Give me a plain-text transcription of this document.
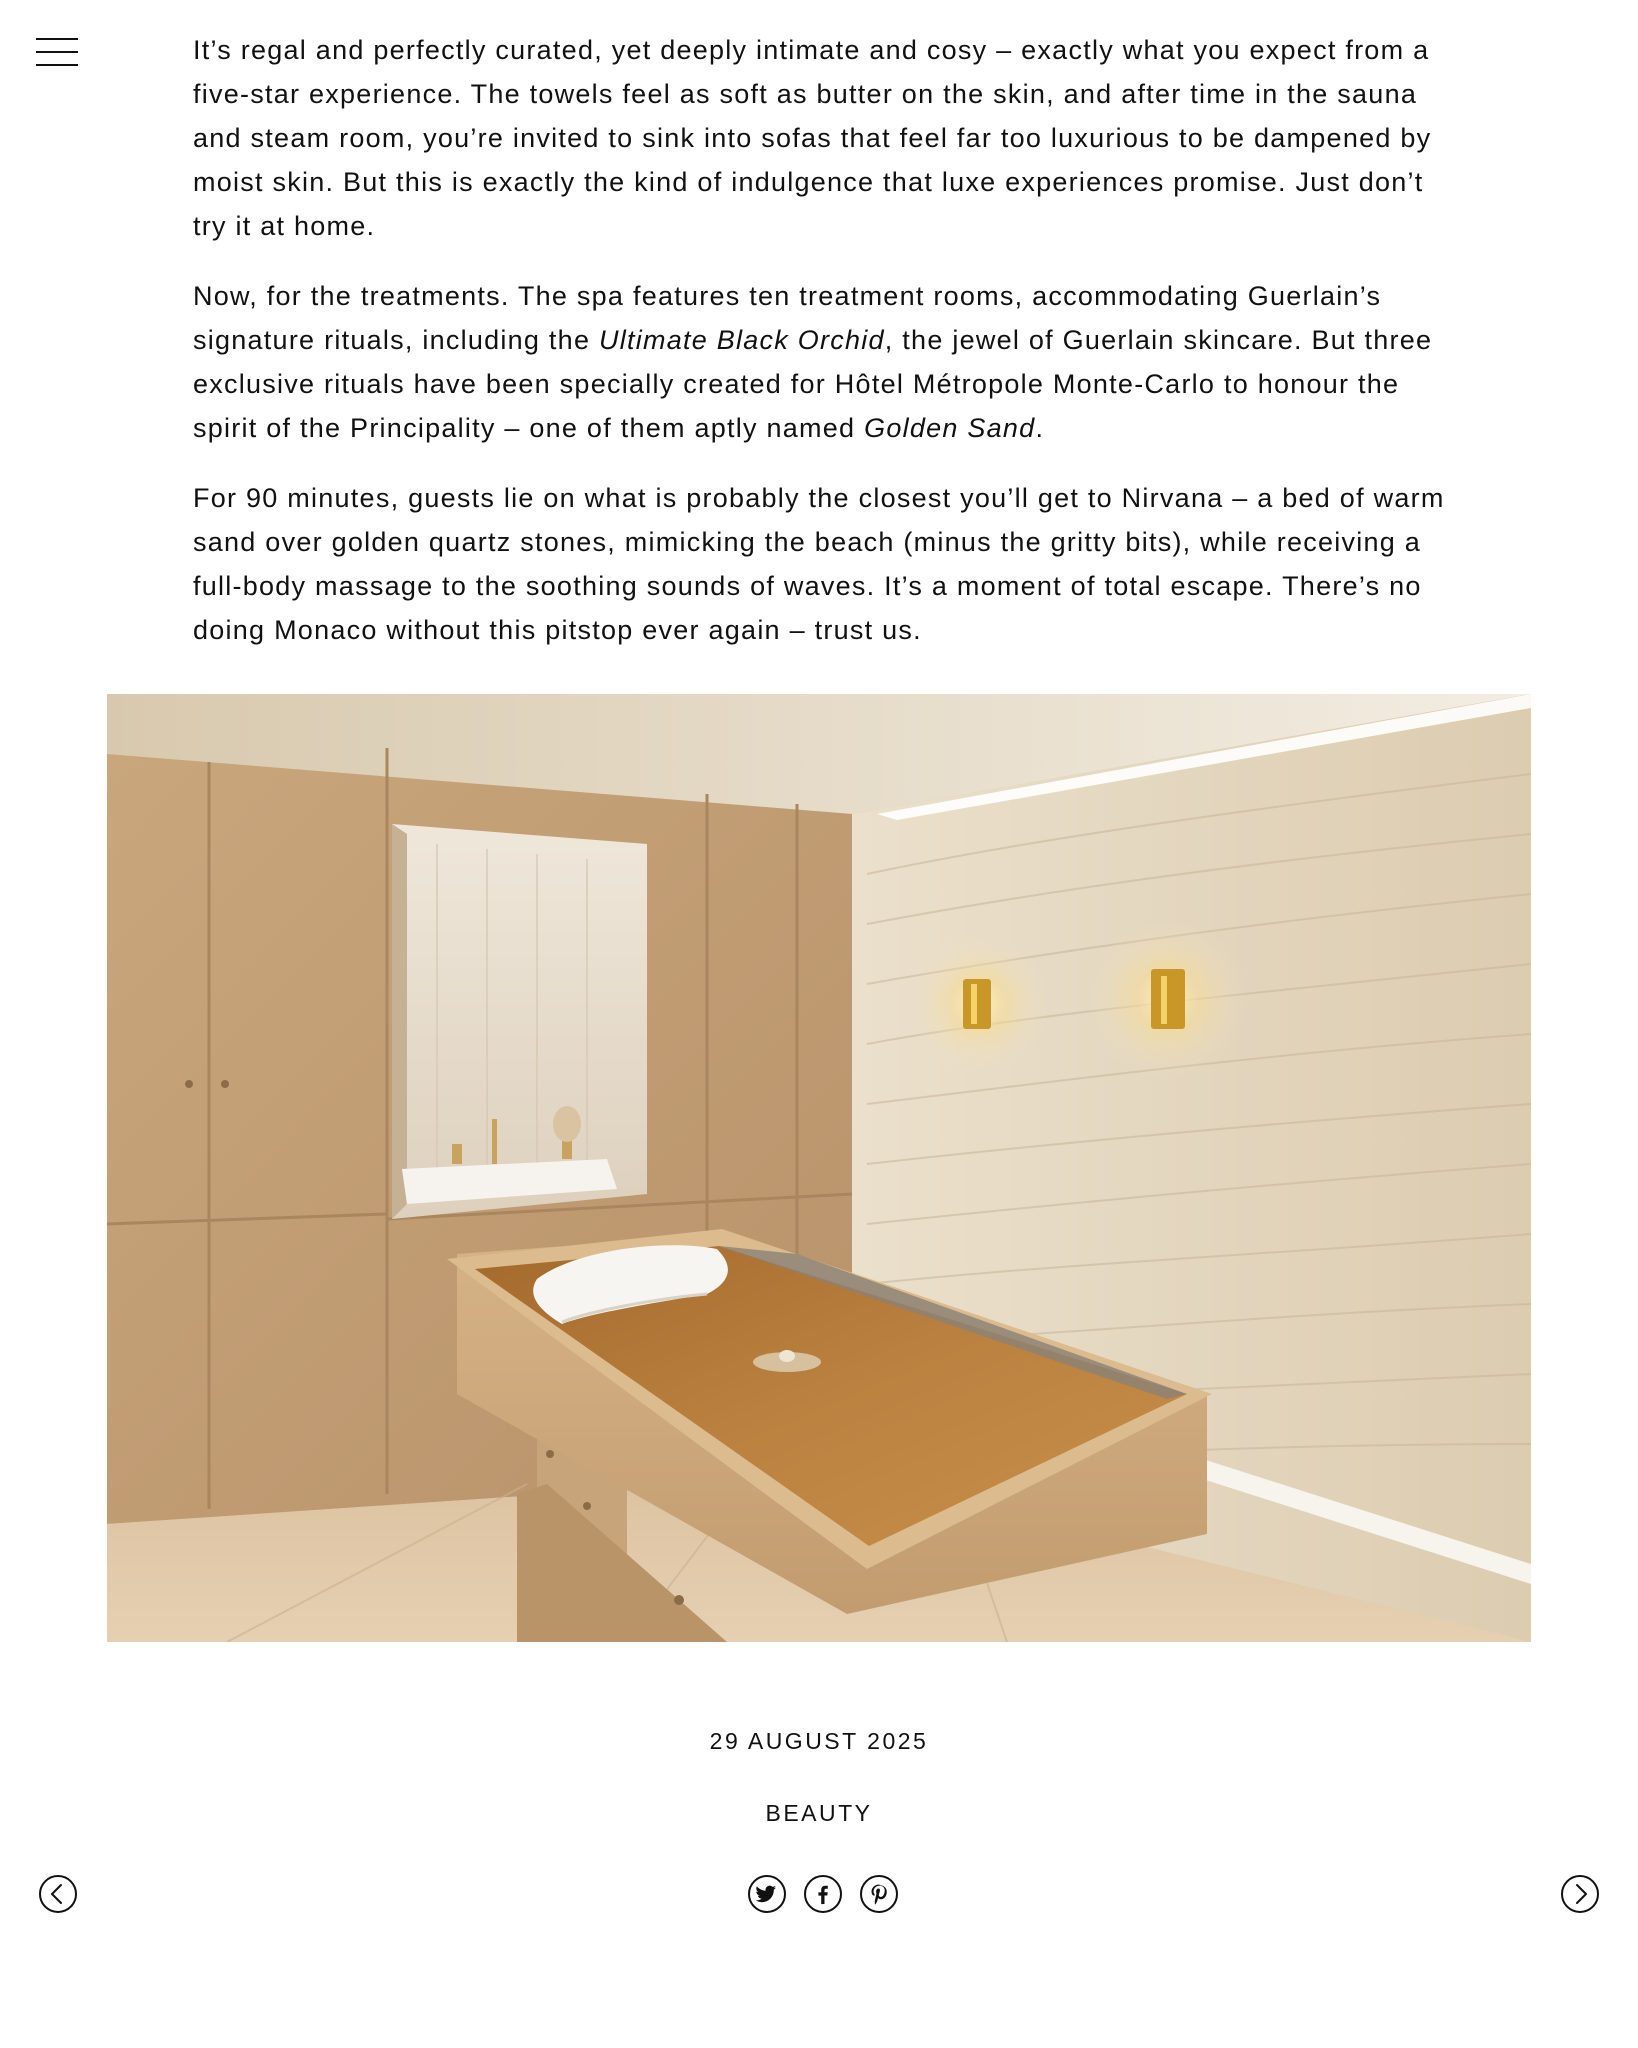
It’s regal and perfectly curated, yet deeply intimate and cosy – exactly what you expect from a five-star experience. The towels feel as soft as butter on the skin, and after time in the sauna and steam room, you’re invited to sink into sofas that feel far too luxurious to be dampened by moist skin. But this is exactly the kind of indulgence that luxe experiences promise. Just don’t try it at home.

Now, for the treatments. The spa features ten treatment rooms, accommodating Guerlain’s signature rituals, including the Ultimate Black Orchid, the jewel of Guerlain skincare. But three exclusive rituals have been specially created for Hôtel Métropole Monte-Carlo to honour the spirit of the Principality – one of them aptly named Golden Sand.

For 90 minutes, guests lie on what is probably the closest you’ll get to Nirvana – a bed of warm sand over golden quartz stones, mimicking the beach (minus the gritty bits), while receiving a full-body massage to the soothing sounds of waves. It’s a moment of total escape. There’s no doing Monaco without this pitstop ever again – trust us.

29 AUGUST 2025
BEAUTY
